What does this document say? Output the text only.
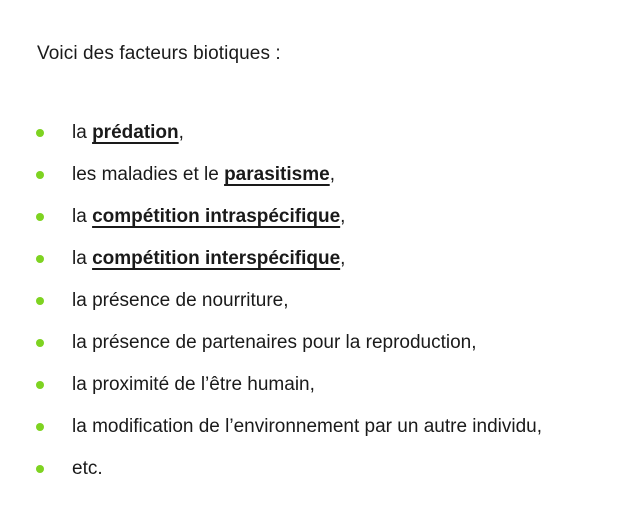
Voici des facteurs biotiques :

la prédation,
les maladies et le parasitisme,
la compétition intraspécifique,
la compétition interspécifique,
la présence de nourriture,
la présence de partenaires pour la reproduction,
la proximité de l’être humain,
la modification de l’environnement par un autre individu,
etc.
